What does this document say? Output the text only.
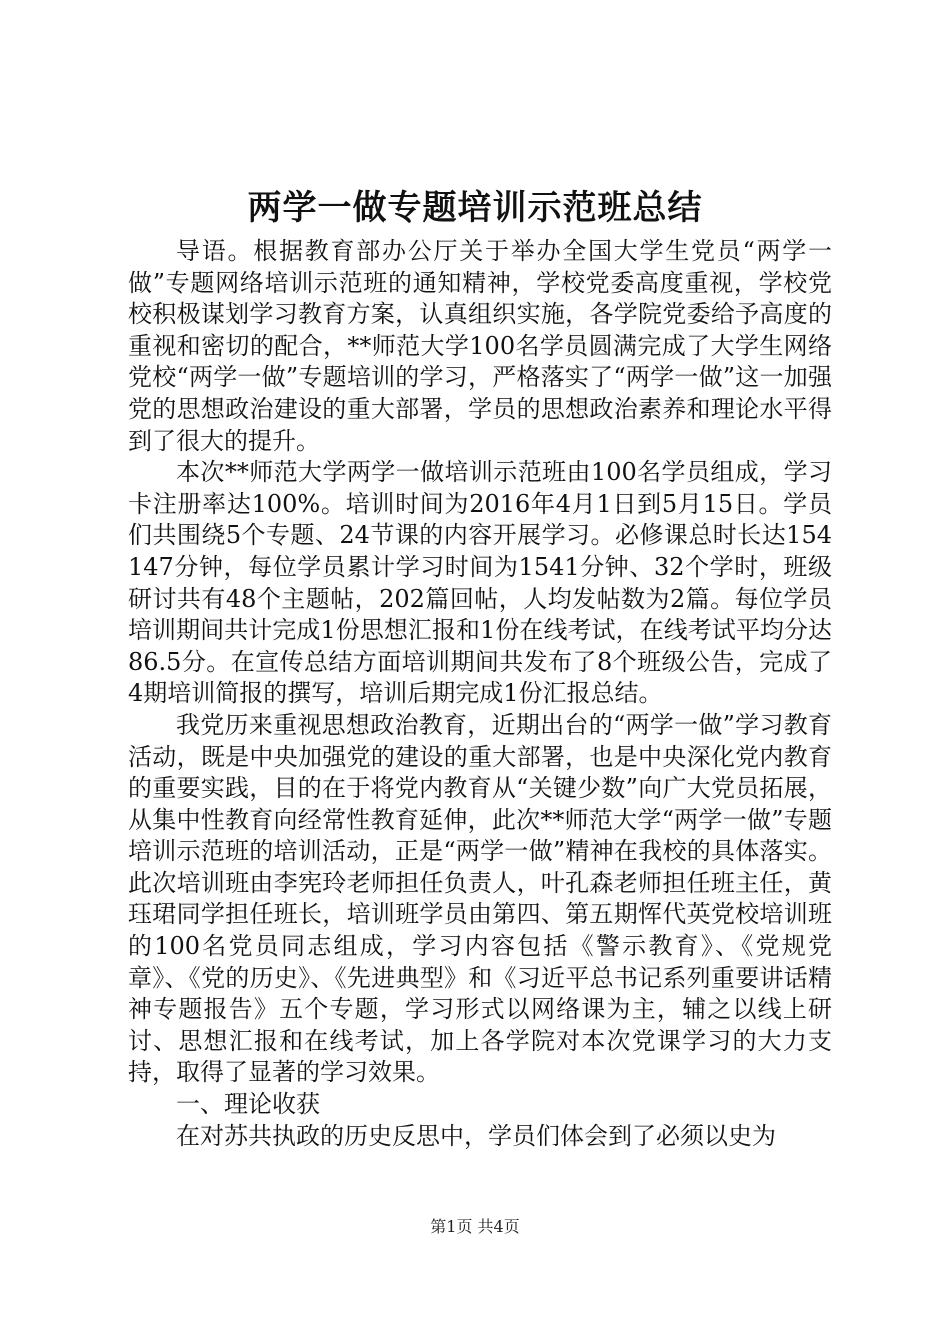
两学一做专题培训示范班总结

导语。根据教育部办公厅关于举办全国大学生党员“两学一做”专题网络培训示范班的通知精神，学校党委高度重视，学校党校积极谋划学习教育方案，认真组织实施，各学院党委给予高度的重视和密切的配合，**师范大学100名学员圆满完成了大学生网络党校“两学一做”专题培训的学习，严格落实了“两学一做”这一加强党的思想政治建设的重大部署，学员的思想政治素养和理论水平得到了很大的提升。

本次**师范大学两学一做培训示范班由100名学员组成，学习卡注册率达100%。培训时间为2016年4月1日到5月15日。学员们共围绕5个专题、24节课的内容开展学习。必修课总时长达154147分钟，每位学员累计学习时间为1541分钟、32个学时，班级研讨共有48个主题帖，202篇回帖，人均发帖数为2篇。每位学员培训期间共计完成1份思想汇报和1份在线考试，在线考试平均分达86.5分。在宣传总结方面培训期间共发布了8个班级公告，完成了4期培训简报的撰写，培训后期完成1份汇报总结。

我党历来重视思想政治教育，近期出台的“两学一做”学习教育活动，既是中央加强党的建设的重大部署，也是中央深化党内教育的重要实践，目的在于将党内教育从“关键少数”向广大党员拓展，从集中性教育向经常性教育延伸，此次**师范大学“两学一做”专题培训示范班的培训活动，正是“两学一做”精神在我校的具体落实。此次培训班由李宪玲老师担任负责人，叶孔森老师担任班主任，黄珏珺同学担任班长，培训班学员由第四、第五期恽代英党校培训班的100名党员同志组成，学习内容包括《警示教育》、《党规党章》、《党的历史》、《先进典型》和《习近平总书记系列重要讲话精神专题报告》五个专题，学习形式以网络课为主，辅之以线上研讨、思想汇报和在线考试，加上各学院对本次党课学习的大力支持，取得了显著的学习效果。

一、理论收获

在对苏共执政的历史反思中，学员们体会到了必须以史为

第1页 共4页
